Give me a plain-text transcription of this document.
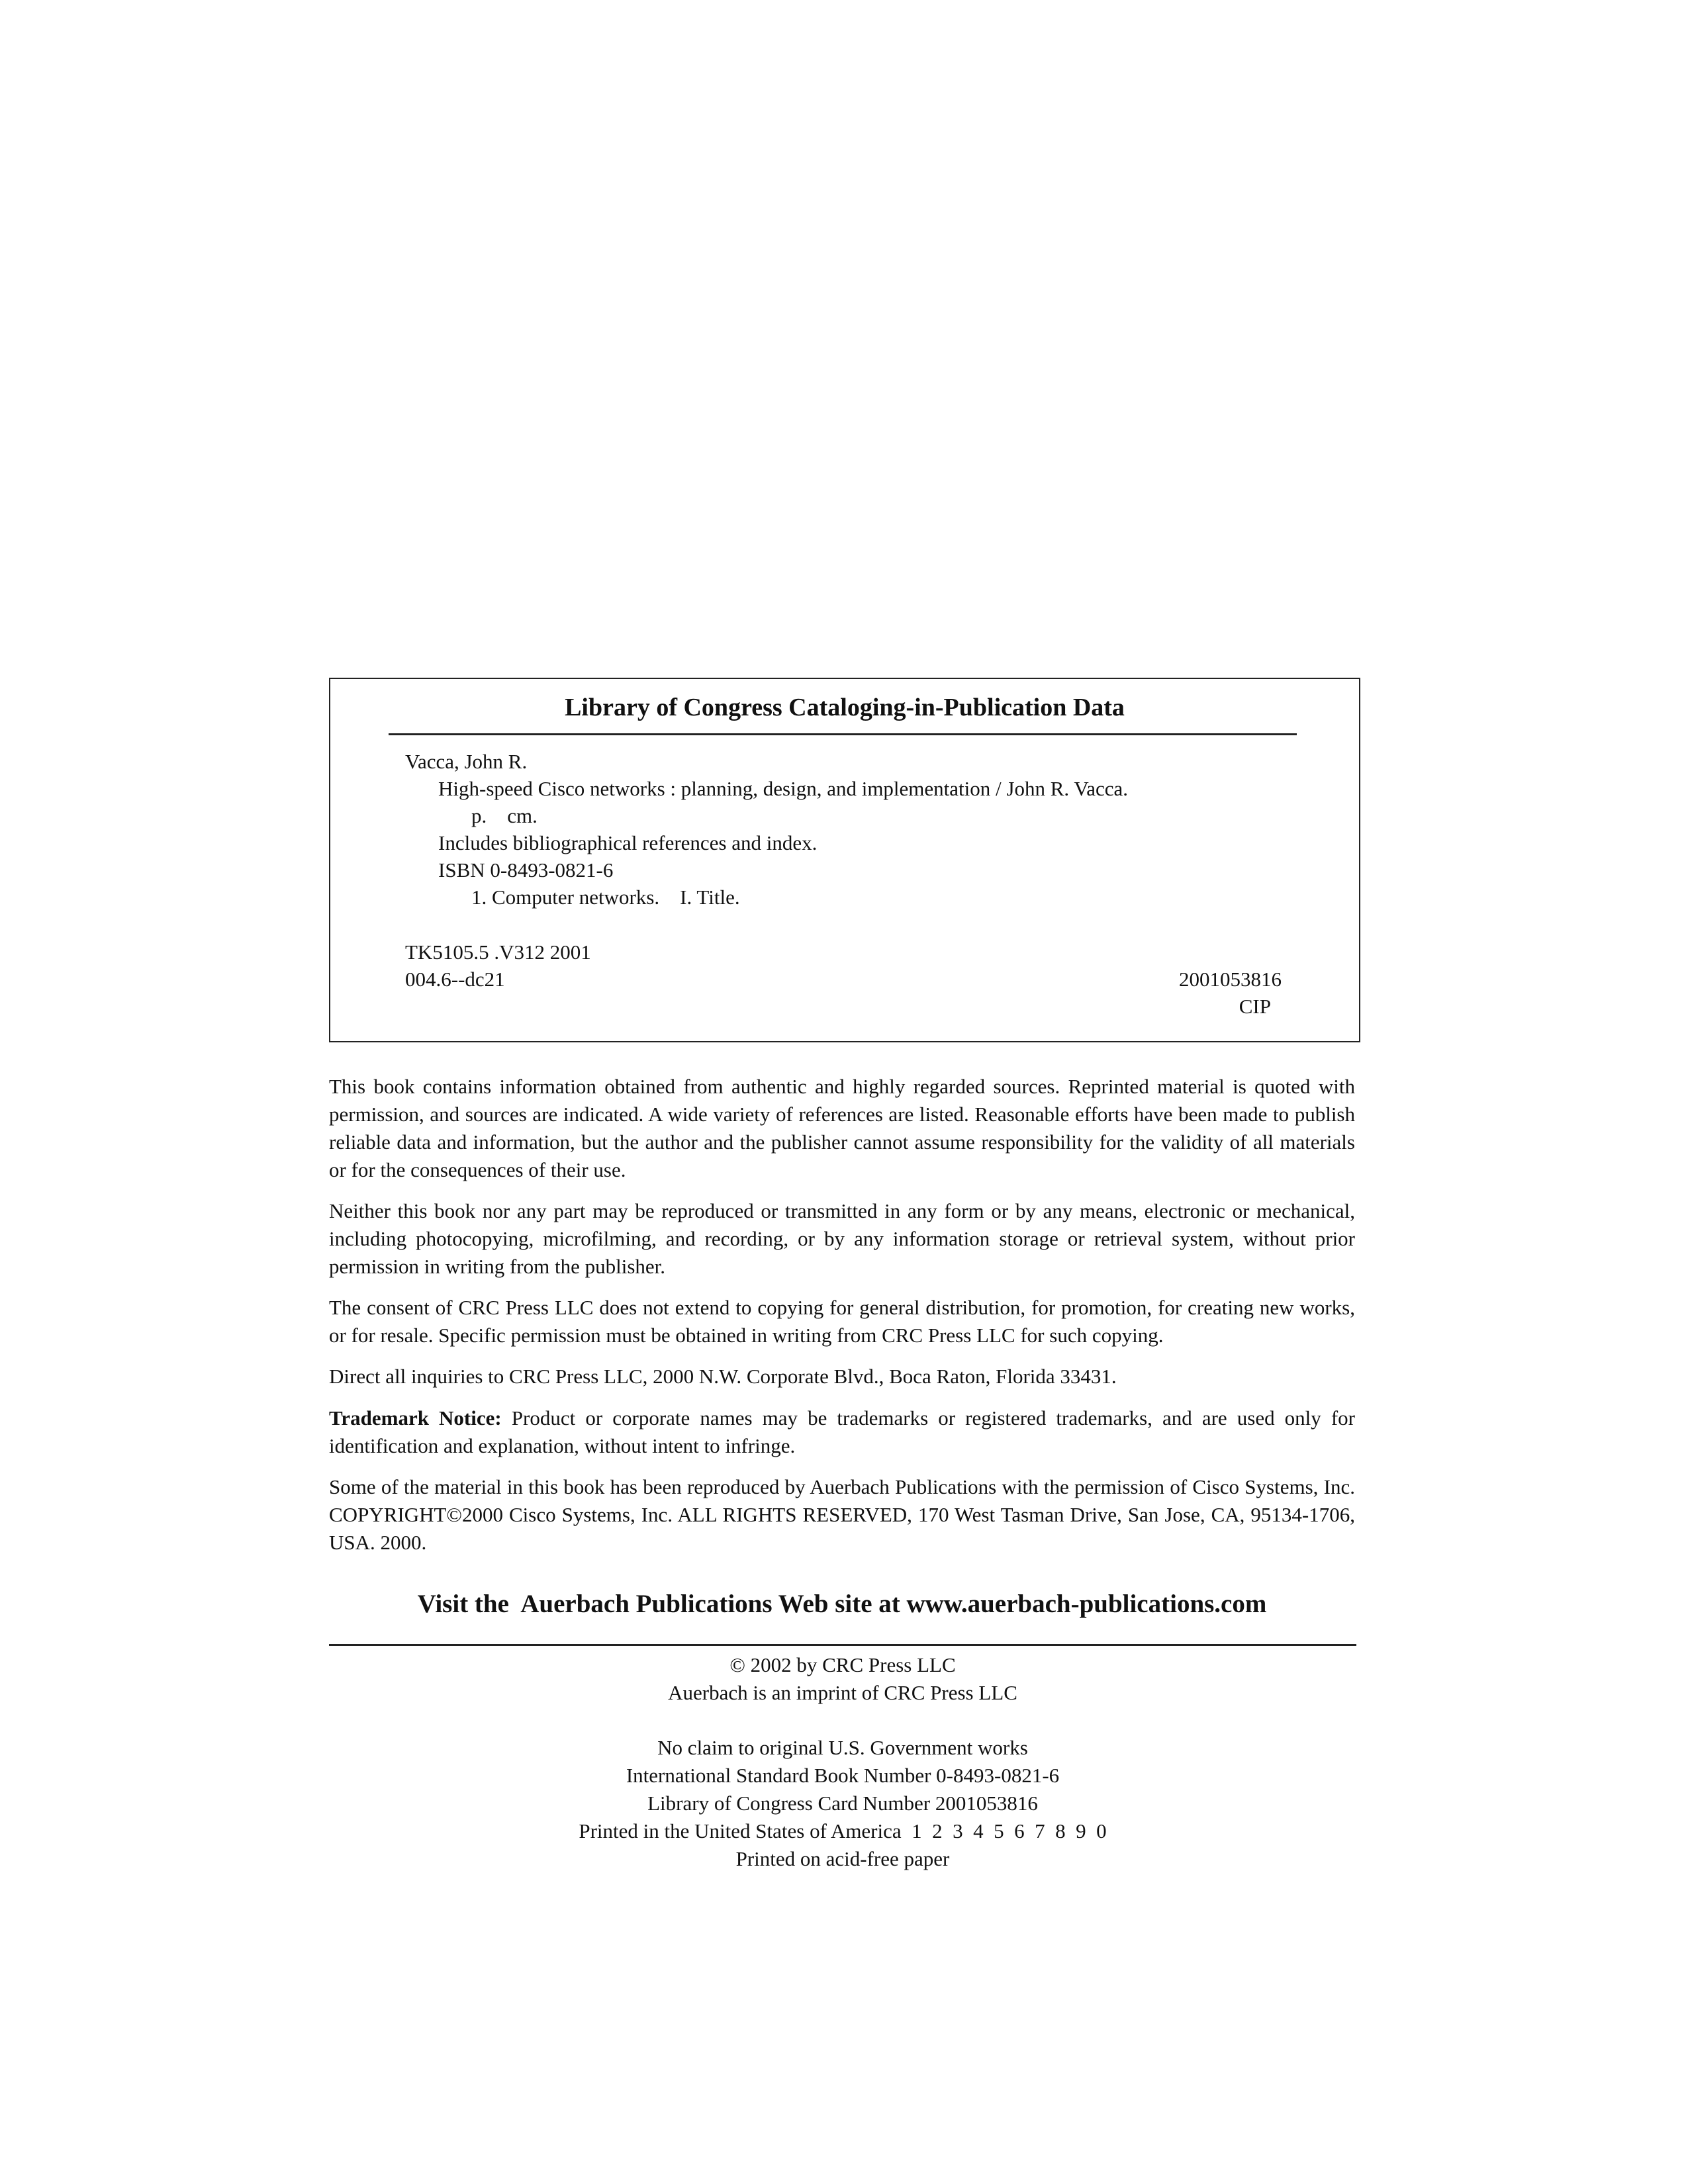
Library of Congress Cataloging-in-Publication Data
Vacca, John R.
High-speed Cisco networks : planning, design, and implementation / John R. Vacca.
p.    cm.
Includes bibliographical references and index.
ISBN 0-8493-0821-6
1. Computer networks.    I. Title.
TK5105.5 .V312 2001
004.6--dc21	2001053816
CIP
This book contains information obtained from authentic and highly regarded sources. Reprinted material is quoted with permission, and sources are indicated. A wide variety of references are listed. Reasonable efforts have been made to publish reliable data and information, but the author and the publisher cannot assume responsibility for the validity of all materials or for the consequences of their use.
Neither this book nor any part may be reproduced or transmitted in any form or by any means, electronic or mechanical, including photocopying, microfilming, and recording, or by any information storage or retrieval system, without prior permission in writing from the publisher.
The consent of CRC Press LLC does not extend to copying for general distribution, for promotion, for creating new works, or for resale. Specific permission must be obtained in writing from CRC Press LLC for such copying.
Direct all inquiries to CRC Press LLC, 2000 N.W. Corporate Blvd., Boca Raton, Florida 33431.
Trademark Notice: Product or corporate names may be trademarks or registered trademarks, and are used only for identification and explanation, without intent to infringe.
Some of the material in this book has been reproduced by Auerbach Publications with the permission of Cisco Systems, Inc. COPYRIGHT©2000 Cisco Systems, Inc. ALL RIGHTS RESERVED, 170 West Tasman Drive, San Jose, CA, 95134-1706, USA. 2000.
Visit the  Auerbach Publications Web site at www.auerbach-publications.com
© 2002 by CRC Press LLC
Auerbach is an imprint of CRC Press LLC
No claim to original U.S. Government works
International Standard Book Number 0-8493-0821-6
Library of Congress Card Number 2001053816
Printed in the United States of America  1  2  3  4  5  6  7  8  9  0
Printed on acid-free paper
